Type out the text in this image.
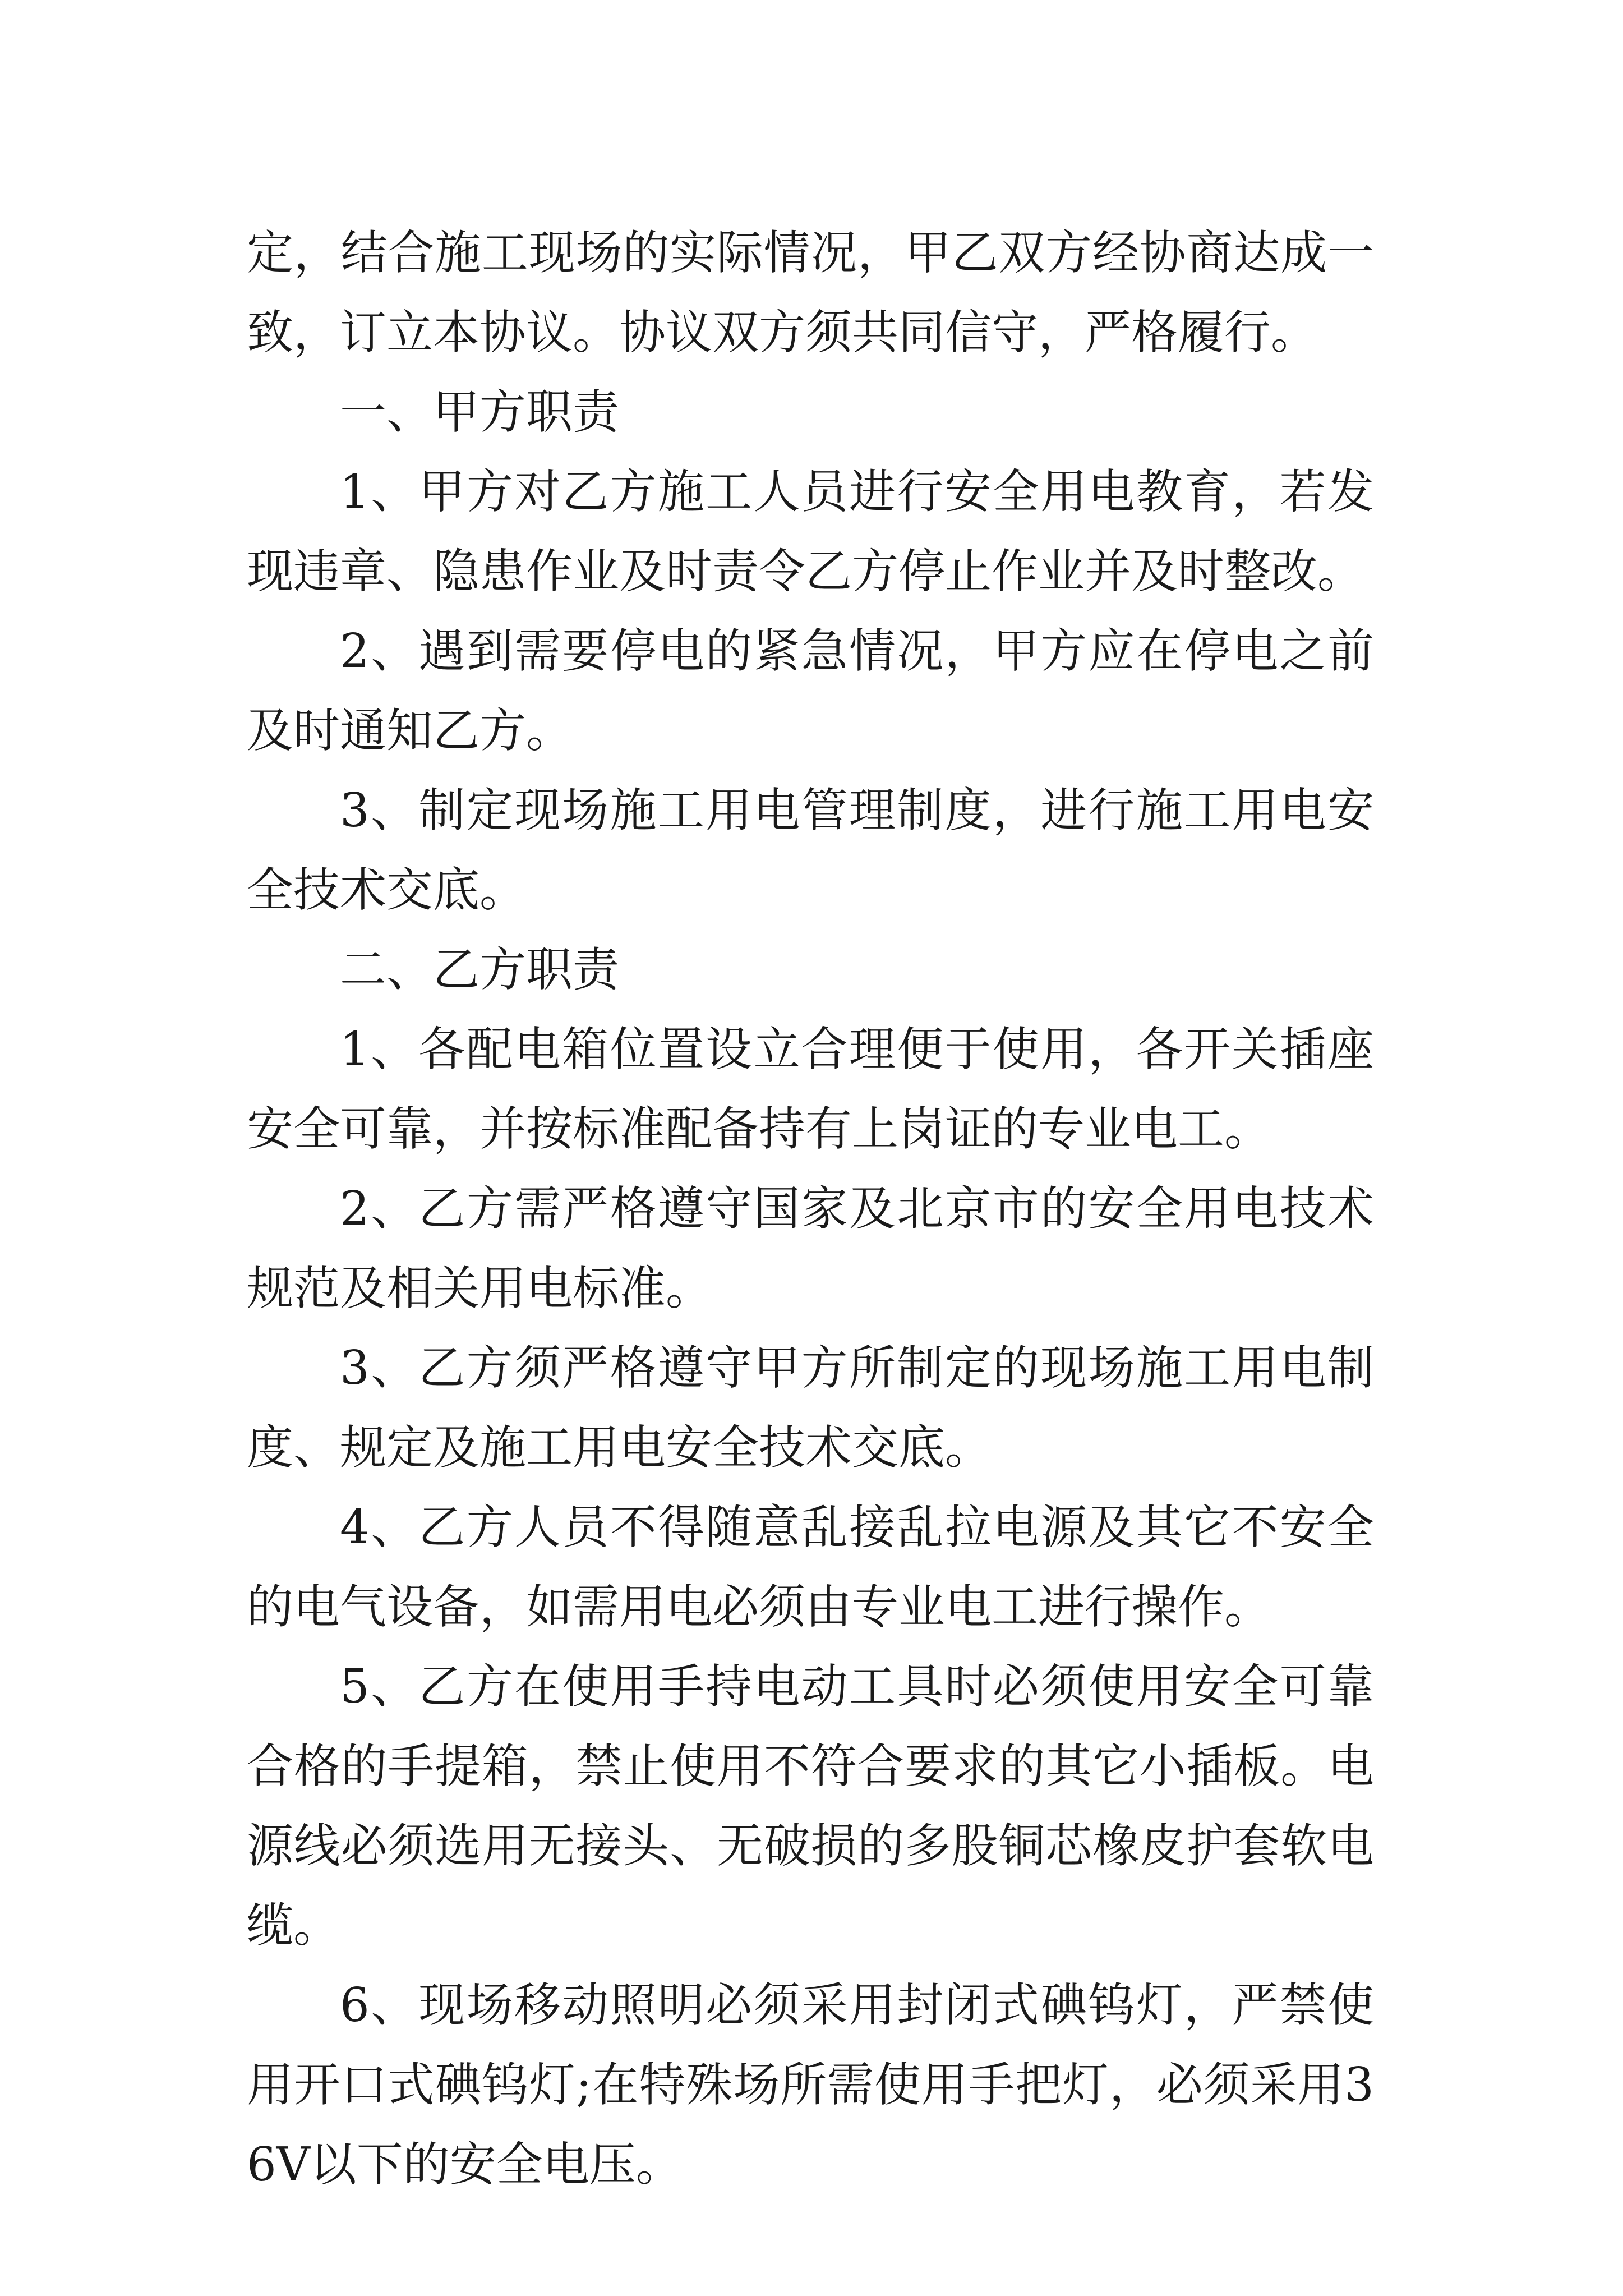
定，结合施工现场的实际情况，甲乙双方经协商达成一致，订立本协议。协议双方须共同信守，严格履行。

一、甲方职责

1、甲方对乙方施工人员进行安全用电教育，若发现违章、隐患作业及时责令乙方停止作业并及时整改。

2、遇到需要停电的紧急情况，甲方应在停电之前及时通知乙方。

3、制定现场施工用电管理制度，进行施工用电安全技术交底。

二、乙方职责

1、各配电箱位置设立合理便于使用，各开关插座安全可靠，并按标准配备持有上岗证的专业电工。

2、乙方需严格遵守国家及北京市的安全用电技术规范及相关用电标准。

3、乙方须严格遵守甲方所制定的现场施工用电制度、规定及施工用电安全技术交底。

4、乙方人员不得随意乱接乱拉电源及其它不安全的电气设备，如需用电必须由专业电工进行操作。

5、乙方在使用手持电动工具时必须使用安全可靠合格的手提箱，禁止使用不符合要求的其它小插板。电源线必须选用无接头、无破损的多股铜芯橡皮护套软电缆。

6、现场移动照明必须采用封闭式碘钨灯，严禁使用开口式碘钨灯;在特殊场所需使用手把灯，必须采用36V以下的安全电压。
